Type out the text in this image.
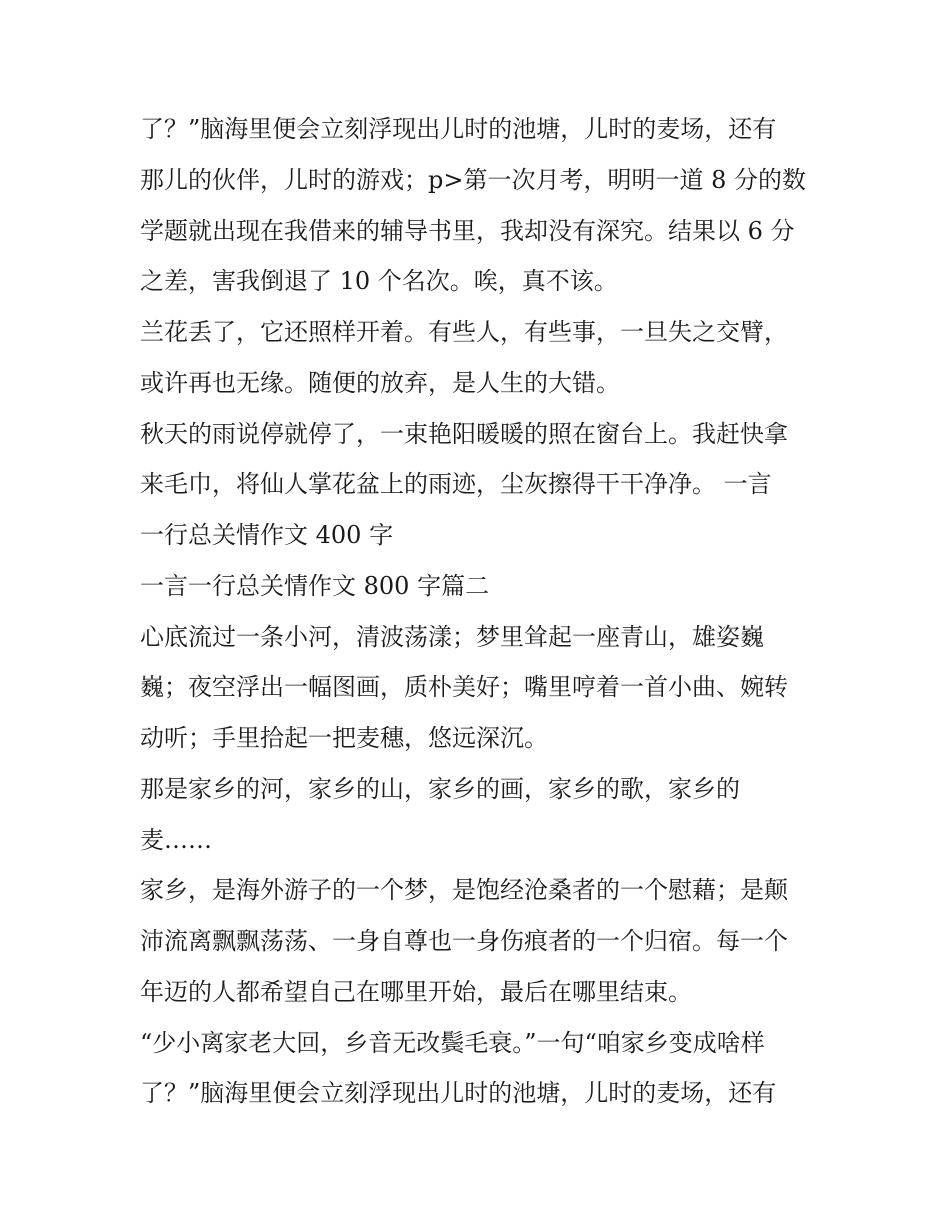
了？”脑海里便会立刻浮现出儿时的池塘，儿时的麦场，还有
那儿的伙伴，儿时的游戏；p>第一次月考，明明一道 8 分的数
学题就出现在我借来的辅导书里，我却没有深究。结果以 6 分
之差，害我倒退了 10 个名次。唉，真不该。
兰花丢了，它还照样开着。有些人，有些事，一旦失之交臂，
或许再也无缘。随便的放弃，是人生的大错。
秋天的雨说停就停了，一束艳阳暖暖的照在窗台上。我赶快拿
来毛巾，将仙人掌花盆上的雨迹，尘灰擦得干干净净。 一言
一行总关情作文 400 字
一言一行总关情作文 800 字篇二
心底流过一条小河，清波荡漾；梦里耸起一座青山，雄姿巍
巍；夜空浮出一幅图画，质朴美好；嘴里哼着一首小曲、婉转
动听；手里拾起一把麦穗，悠远深沉。
那是家乡的河，家乡的山，家乡的画，家乡的歌，家乡的
麦……
家乡，是海外游子的一个梦，是饱经沧桑者的一个慰藉；是颠
沛流离飘飘荡荡、一身自尊也一身伤痕者的一个归宿。每一个
年迈的人都希望自己在哪里开始，最后在哪里结束。
“少小离家老大回，乡音无改鬓毛衰。”一句“咱家乡变成啥样
了？”脑海里便会立刻浮现出儿时的池塘，儿时的麦场，还有
